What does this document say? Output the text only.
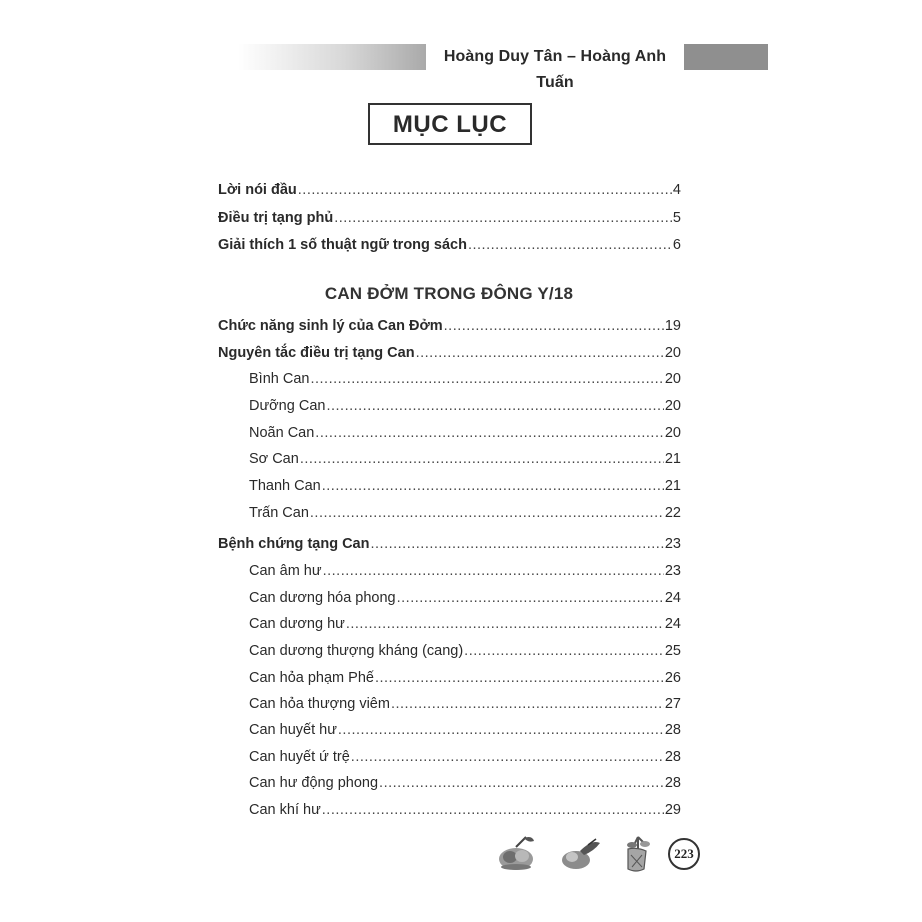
Hoàng Duy Tân – Hoàng Anh Tuấn
MỤC LỤC
Lời nói đầu .....	4
Điều trị tạng phủ .....	5
Giải thích 1 số thuật ngữ trong sách .....	6
CAN ĐỞM TRONG ĐÔNG Y/18
Chức năng sinh lý của Can Đởm .....	19
Nguyên tắc điều trị tạng Can .....	20
Bình Can .....	20
Dưỡng Can .....	20
Noãn Can .....	20
Sơ Can .....	21
Thanh Can .....	21
Trấn Can .....	22
Bệnh chứng tạng Can .....	23
Can âm hư .....	23
Can dương hóa phong .....	24
Can dương hư .....	24
Can dương thượng kháng (cang) .....	25
Can hỏa phạm Phế .....	26
Can hỏa thượng viêm .....	27
Can huyết hư .....	28
Can huyết ứ trệ .....	28
Can hư động phong .....	28
Can khí hư .....	29
223
